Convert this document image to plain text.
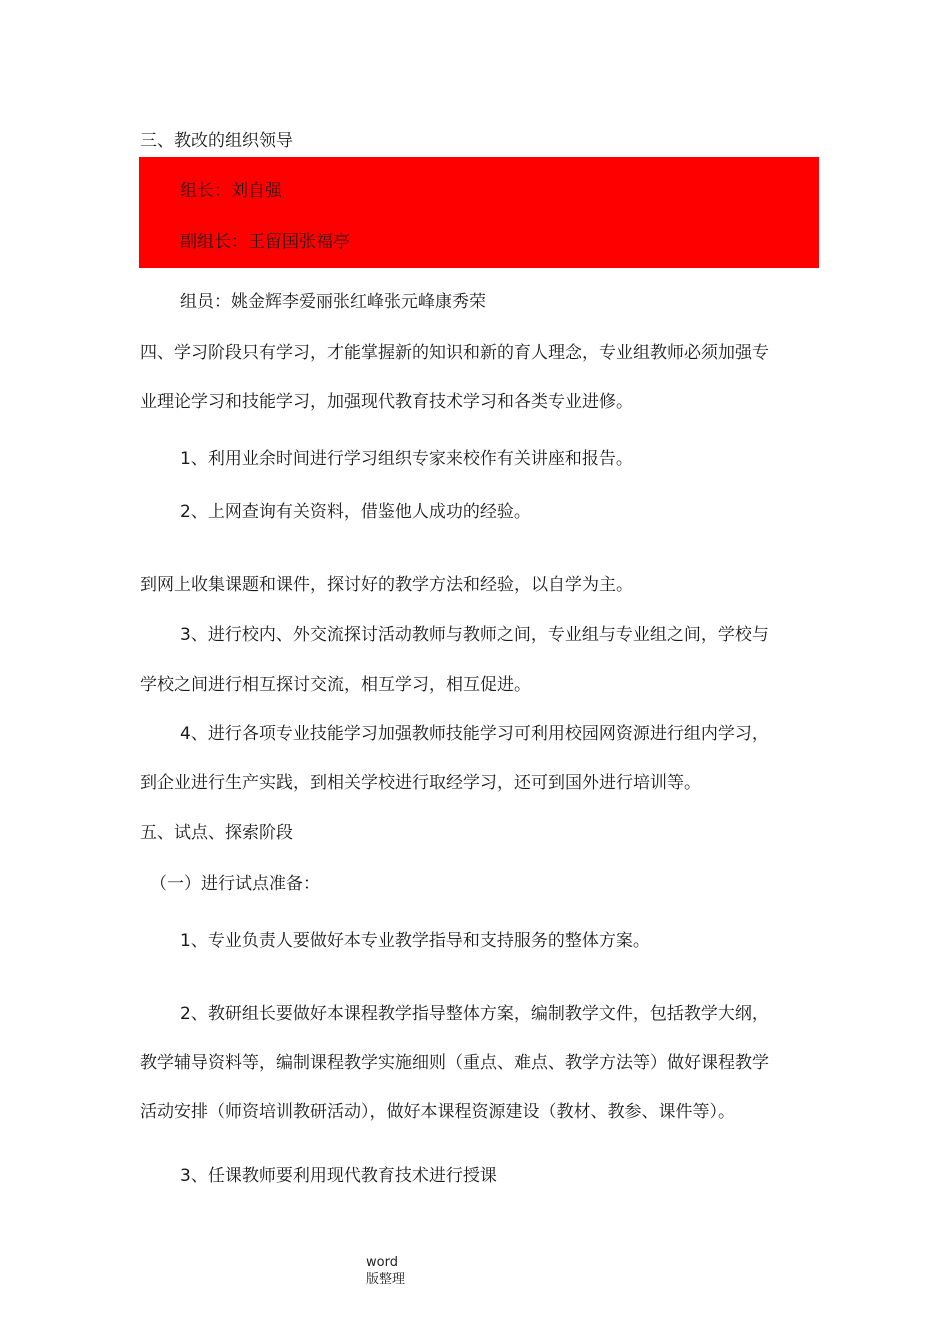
三、教改的组织领导
组长：刘自强
副组长：王留国张福亭
组员：姚金辉李爱丽张红峰张元峰康秀荣
四、学习阶段只有学习，才能掌握新的知识和新的育人理念，专业组教师必须加强专
业理论学习和技能学习，加强现代教育技术学习和各类专业进修。
1、利用业余时间进行学习组织专家来校作有关讲座和报告。
2、上网查询有关资料，借鉴他人成功的经验。
到网上收集课题和课件，探讨好的教学方法和经验，以自学为主。
3、进行校内、外交流探讨活动教师与教师之间，专业组与专业组之间，学校与
学校之间进行相互探讨交流，相互学习，相互促进。
4、进行各项专业技能学习加强教师技能学习可利用校园网资源进行组内学习，
到企业进行生产实践，到相关学校进行取经学习，还可到国外进行培训等。
五、试点、探索阶段
（一）进行试点准备：
1、专业负责人要做好本专业教学指导和支持服务的整体方案。
2、教研组长要做好本课程教学指导整体方案，编制教学文件，包括教学大纲，
教学辅导资料等，编制课程教学实施细则（重点、难点、教学方法等）做好课程教学
活动安排（师资培训教研活动），做好本课程资源建设（教材、教参、课件等）。
3、任课教师要利用现代教育技术进行授课
word
版整理
